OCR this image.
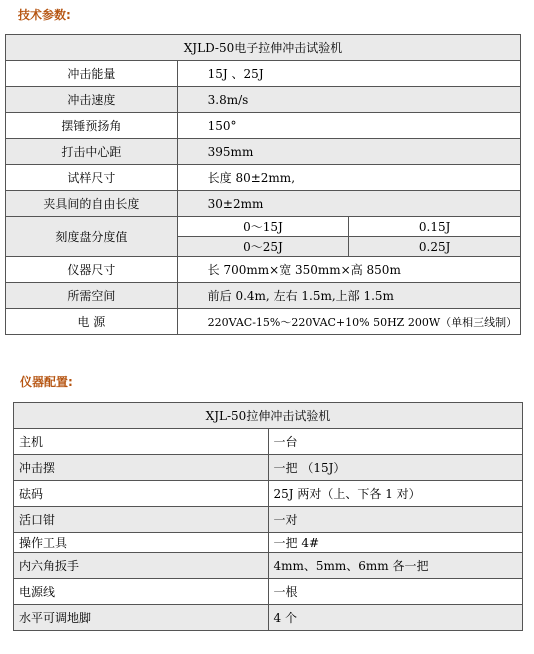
技术参数:
XJLD-50电子拉伸冲击试验机		
冲击能量	15J 、25J	
冲击速度	3.8m/s	
摆锤预扬角	150°	
打击中心距	395mm	
试样尺寸	长度 80±2mm,	
夹具间的自由长度	30±2mm	
刻度盘分度值	0～15J	0.15J
	0～25J	0.25J
仪器尺寸	长 700mm×宽 350mm×高 850m	
所需空间	前后 0.4m, 左右 1.5m,上部 1.5m	
电 源	220VAC-15%～220VAC+10% 50HZ 200W（单相三线制）	
仪器配置:
XJL-50拉伸冲击试验机	
主机	一台
冲击摆	一把 （15J）
砝码	25J 两对（上、下各 1 对）
活口钳	一对
操作工具	一把 4#
内六角扳手	4mm、5mm、6mm 各一把
电源线	一根
水平可调地脚	4 个
